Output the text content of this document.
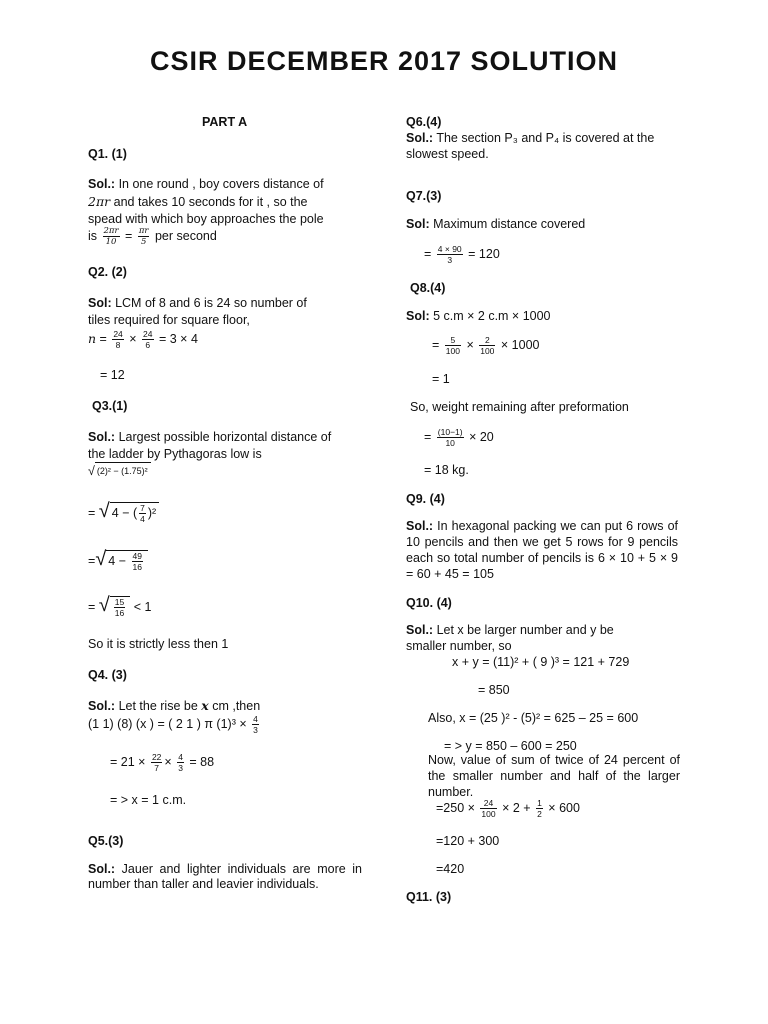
CSIR DECEMBER 2017 SOLUTION
PART A
Q1. (1)
Sol.: In one round , boy covers distance of
2πr and takes 10 seconds for it , so the
spead with which boy approaches the pole
is $\frac{2\pi r}{10} = \frac{\pi r}{5}$ per second
Q2. (2)
Sol: LCM of 8 and 6 is 24 so number of
tiles required for square floor,
$n = \frac{24}{8} \times \frac{24}{6} = 3 \times 4$
= 12
Q3.(1)
Sol.: Largest possible horizontal distance of
the ladder by Pythagoras low is
√ (2)² − (1.75)²
= √ 4 − ( $\frac{7}{4} )^2$
=√ $4 - \frac{49}{16}$
= √ $\frac{15}{16} < 1$
So it is strictly less then 1
Q4. (3)
Sol.: Let the rise be x cm ,then
(1 1) (8) (x ) = ( 2 1 ) π $(1)^3 \times \frac{4}{3}$
= $21 \times \frac{22}{7} \times \frac{4}{3} = 88$
= > x = 1 c.m.
Q5.(3)
Sol.: Jauer and lighter individuals are more in number than taller and leavier individuals.
Q6.(4)
Sol.: The section P₃ and P₄ is covered at the
slowest speed.
Q7.(3)
Sol: Maximum distance covered
= $\frac{4 \times 90}{3} = 120$
Q8.(4)
Sol: 5 c.m × 2 c.m × 1000
= $\frac{5}{100} \times \frac{2}{100} \times 1000$
= 1
So, weight remaining after preformation
= $\frac{(10-1)}{10} \times 20$
= 18 kg.
Q9. (4)
Sol.: In hexagonal packing we can put 6 rows of 10 pencils and then we get 5 rows for 9 pencils each so total number of pencils is 6 × 10 + 5 × 9 = 60 + 45 = 105
Q10. (4)
Sol.: Let x be larger number and y be
smaller number, so
x + y = (11)² + ( 9 )³ = 121 + 729
= 850
Also, x = (25 )² - (5)² = 625 – 25 = 600
= > y = 850 – 600 = 250
Now, value of sum of twice of 24 percent of the smaller number and half of the larger number.
$=250 \times \frac{24}{100} \times 2 + \frac{1}{2} \times 600$
=120 + 300
=420
Q11. (3)
